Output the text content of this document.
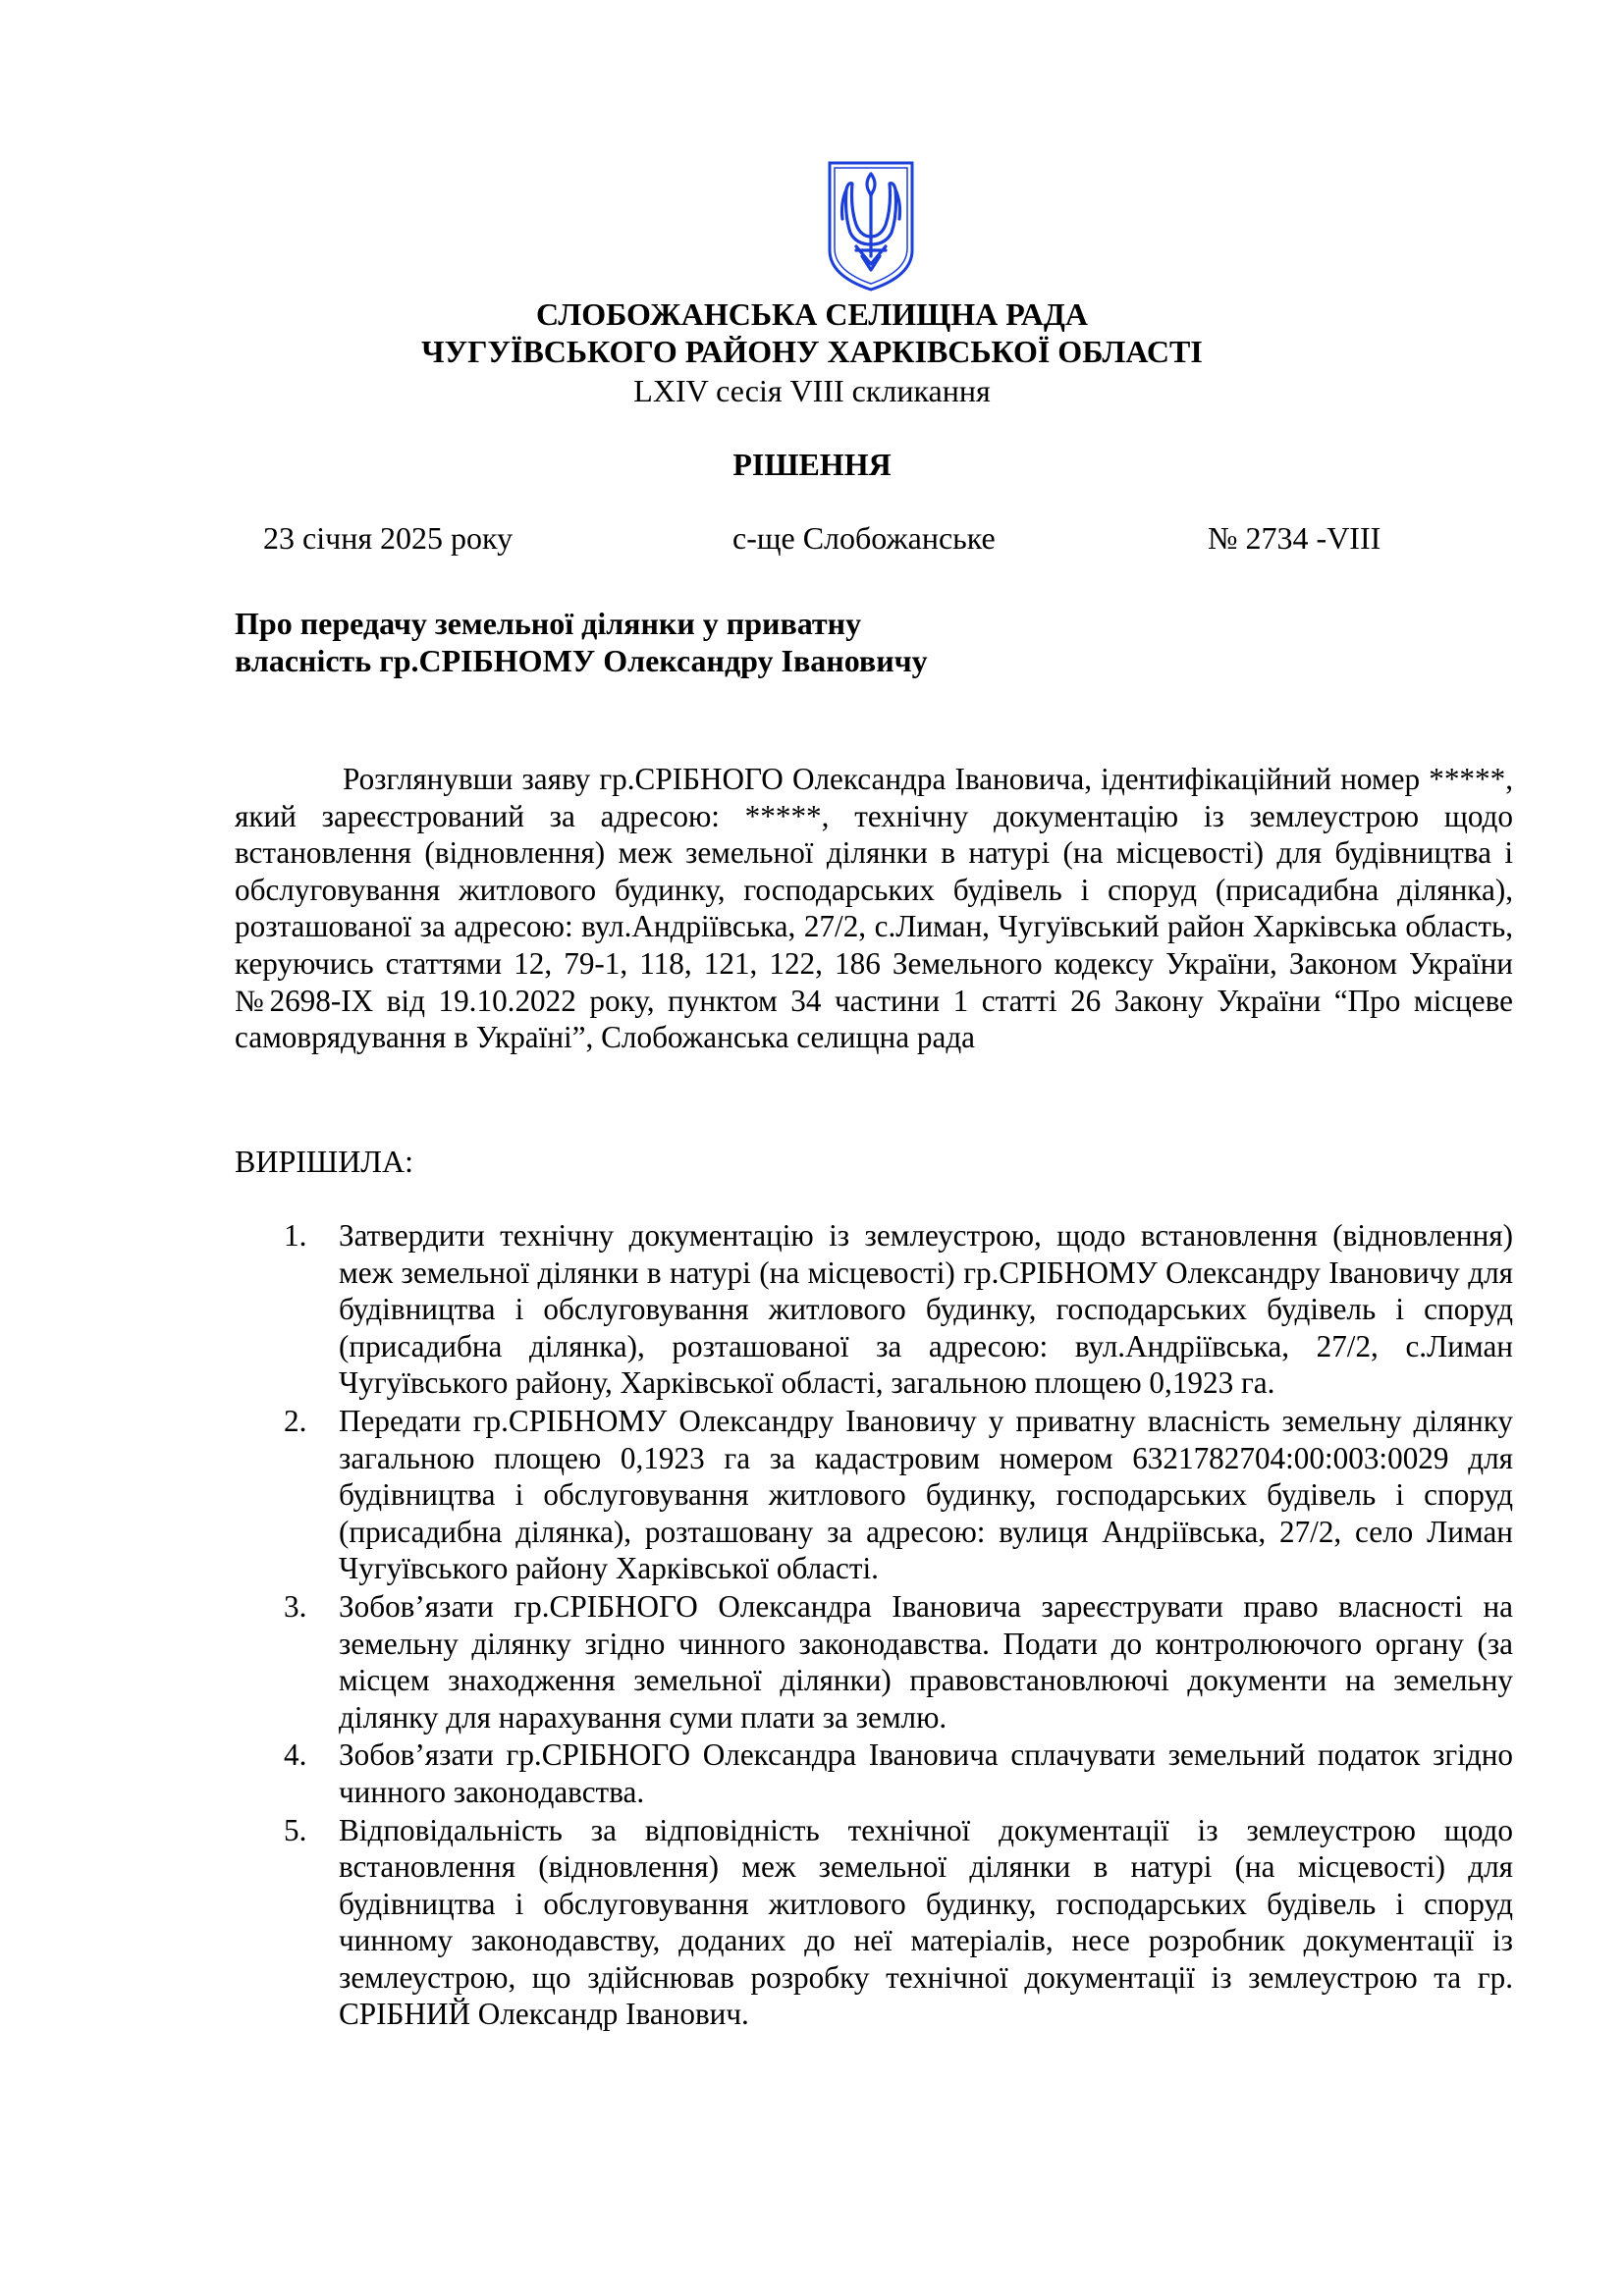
СЛОБОЖАНСЬКА СЕЛИЩНА РАДА
ЧУГУЇВСЬКОГО РАЙОНУ ХАРКІВСЬКОЇ ОБЛАСТІ
LXIV сесія VIII скликання
РІШЕННЯ
23 січня 2025 року	с-ще Слобожанське	№ 2734 -VIII
Про передачу земельної ділянки у приватну
власність гр.СРІБНОМУ Олександру Івановичу

Розглянувши заяву гр.СРІБНОГО Олександра Івановича, ідентифікаційний номер *****, який зареєстрований за адресою: *****, технічну документацію із землеустрою щодо встановлення (відновлення) меж земельної ділянки в натурі (на місцевості) для будівництва і обслуговування житлового будинку, господарських будівель і споруд (присадибна ділянка), розташованої за адресою: вул.Андріївська, 27/2, с.Лиман, Чугуївський район Харківська область, керуючись статтями 12, 79-1, 118, 121, 122, 186 Земельного кодексу України, Законом України №2698-IX від 19.10.2022 року, пунктом 34 частини 1 статті 26 Закону України “Про місцеве самоврядування в Україні”, Слобожанська селищна рада

ВИРІШИЛА:
1. Затвердити технічну документацію із землеустрою, щодо встановлення (відновлення) меж земельної ділянки в натурі (на місцевості) гр.СРІБНОМУ Олександру Івановичу для будівництва і обслуговування житлового будинку, господарських будівель і споруд (присадибна ділянка), розташованої за адресою: вул.Андріївська, 27/2, с.Лиман Чугуївського району, Харківської області, загальною площею 0,1923 га.
2. Передати гр.СРІБНОМУ Олександру Івановичу у приватну власність земельну ділянку загальною площею 0,1923 га за кадастровим номером 6321782704:00:003:0029 для будівництва і обслуговування житлового будинку, господарських будівель і споруд (присадибна ділянка), розташовану за адресою: вулиця Андріївська, 27/2, село Лиман Чугуївського району Харківської області.
3. Зобов’язати гр.СРІБНОГО Олександра Івановича зареєструвати право власності на земельну ділянку згідно чинного законодавства. Подати до контролюючого органу (за місцем знаходження земельної ділянки) правовстановлюючі документи на земельну ділянку для нарахування суми плати за землю.
4. Зобов’язати гр.СРІБНОГО Олександра Івановича сплачувати земельний податок згідно чинного законодавства.
5. Відповідальність за відповідність технічної документації із землеустрою щодо встановлення (відновлення) меж земельної ділянки в натурі (на місцевості) для будівництва і обслуговування житлового будинку, господарських будівель і споруд чинному законодавству, доданих до неї матеріалів, несе розробник документації із землеустрою, що здійснював розробку технічної документації із землеустрою та гр. СРІБНИЙ Олександр Іванович.
